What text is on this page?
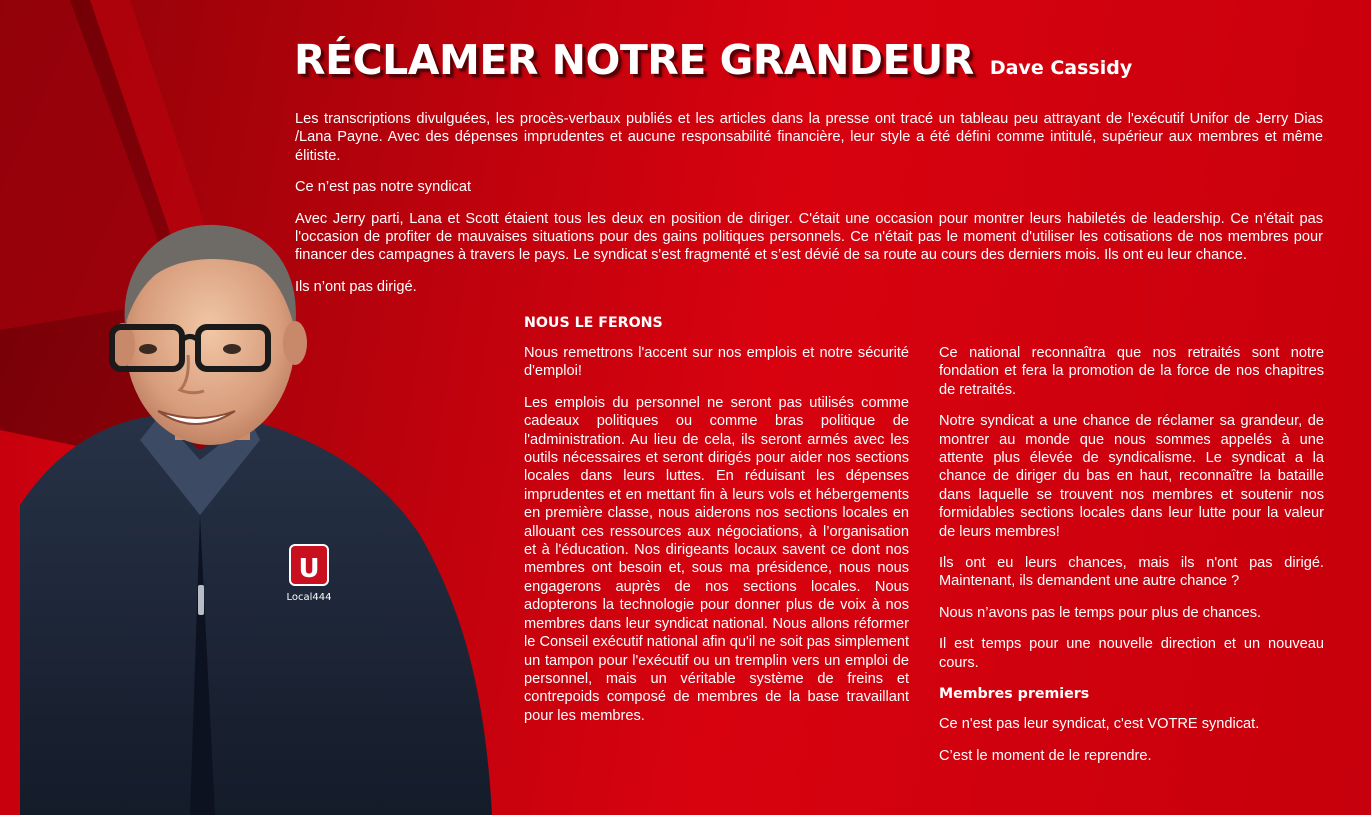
U
Local444
RÉCLAMER NOTRE GRANDEUR Dave Cassidy

Les transcriptions divulguées, les procès-verbaux publiés et les articles dans la presse ont tracé un tableau peu attrayant de l'exécutif Unifor de Jerry Dias /Lana Payne. Avec des dépenses imprudentes et aucune responsabilité financière, leur style a été défini comme intitulé, supérieur aux membres et même élitiste.

Ce n’est pas notre syndicat

Avec Jerry parti, Lana et Scott étaient tous les deux en position de diriger. C'était une occasion pour montrer leurs habiletés de leadership. Ce n’était pas l'occasion de profiter de mauvaises situations pour des gains politiques personnels. Ce n'était pas le moment d'utiliser les cotisations de nos membres pour financer des campagnes à travers le pays. Le syndicat s'est fragmenté et s’est dévié de sa route au cours des derniers mois. Ils ont eu leur chance.

Ils n’ont pas dirigé.

NOUS LE FERONS

Nous remettrons l'accent sur nos emplois et notre sécurité d'emploi!

Les emplois du personnel ne seront pas utilisés comme cadeaux politiques ou comme bras politique de l'administration. Au lieu de cela, ils seront armés avec les outils nécessaires et seront dirigés pour aider nos sections locales dans leurs luttes. En réduisant les dépenses imprudentes et en mettant fin à leurs vols et hébergements en première classe, nous aiderons nos sections locales en allouant ces ressources aux négociations, à l’organisation et à l'éducation. Nos dirigeants locaux savent ce dont nos membres ont besoin et, sous ma présidence, nous nous engagerons auprès de nos sections locales. Nous adopterons la technologie pour donner plus de voix à nos membres dans leur syndicat national. Nous allons réformer le Conseil exécutif national afin qu'il ne soit pas simplement un tampon pour l'exécutif ou un tremplin vers un emploi de personnel, mais un véritable système de freins et contrepoids composé de membres de la base travaillant pour les membres.

Ce national reconnaîtra que nos retraités sont notre fondation et fera la promotion de la force de nos chapitres de retraités.

Notre syndicat a une chance de réclamer sa grandeur, de montrer au monde que nous sommes appelés à une attente plus élevée de syndicalisme. Le syndicat a la chance de diriger du bas en haut, reconnaître la bataille dans laquelle se trouvent nos membres et soutenir nos formidables sections locales dans leur lutte pour la valeur de leurs membres!

Ils ont eu leurs chances, mais ils n'ont pas dirigé. Maintenant, ils demandent une autre chance ?

Nous n’avons pas le temps pour plus de chances.

Il est temps pour une nouvelle direction et un nouveau cours.

Membres premiers

Ce n'est pas leur syndicat, c'est VOTRE syndicat.

C’est le moment de le reprendre.
